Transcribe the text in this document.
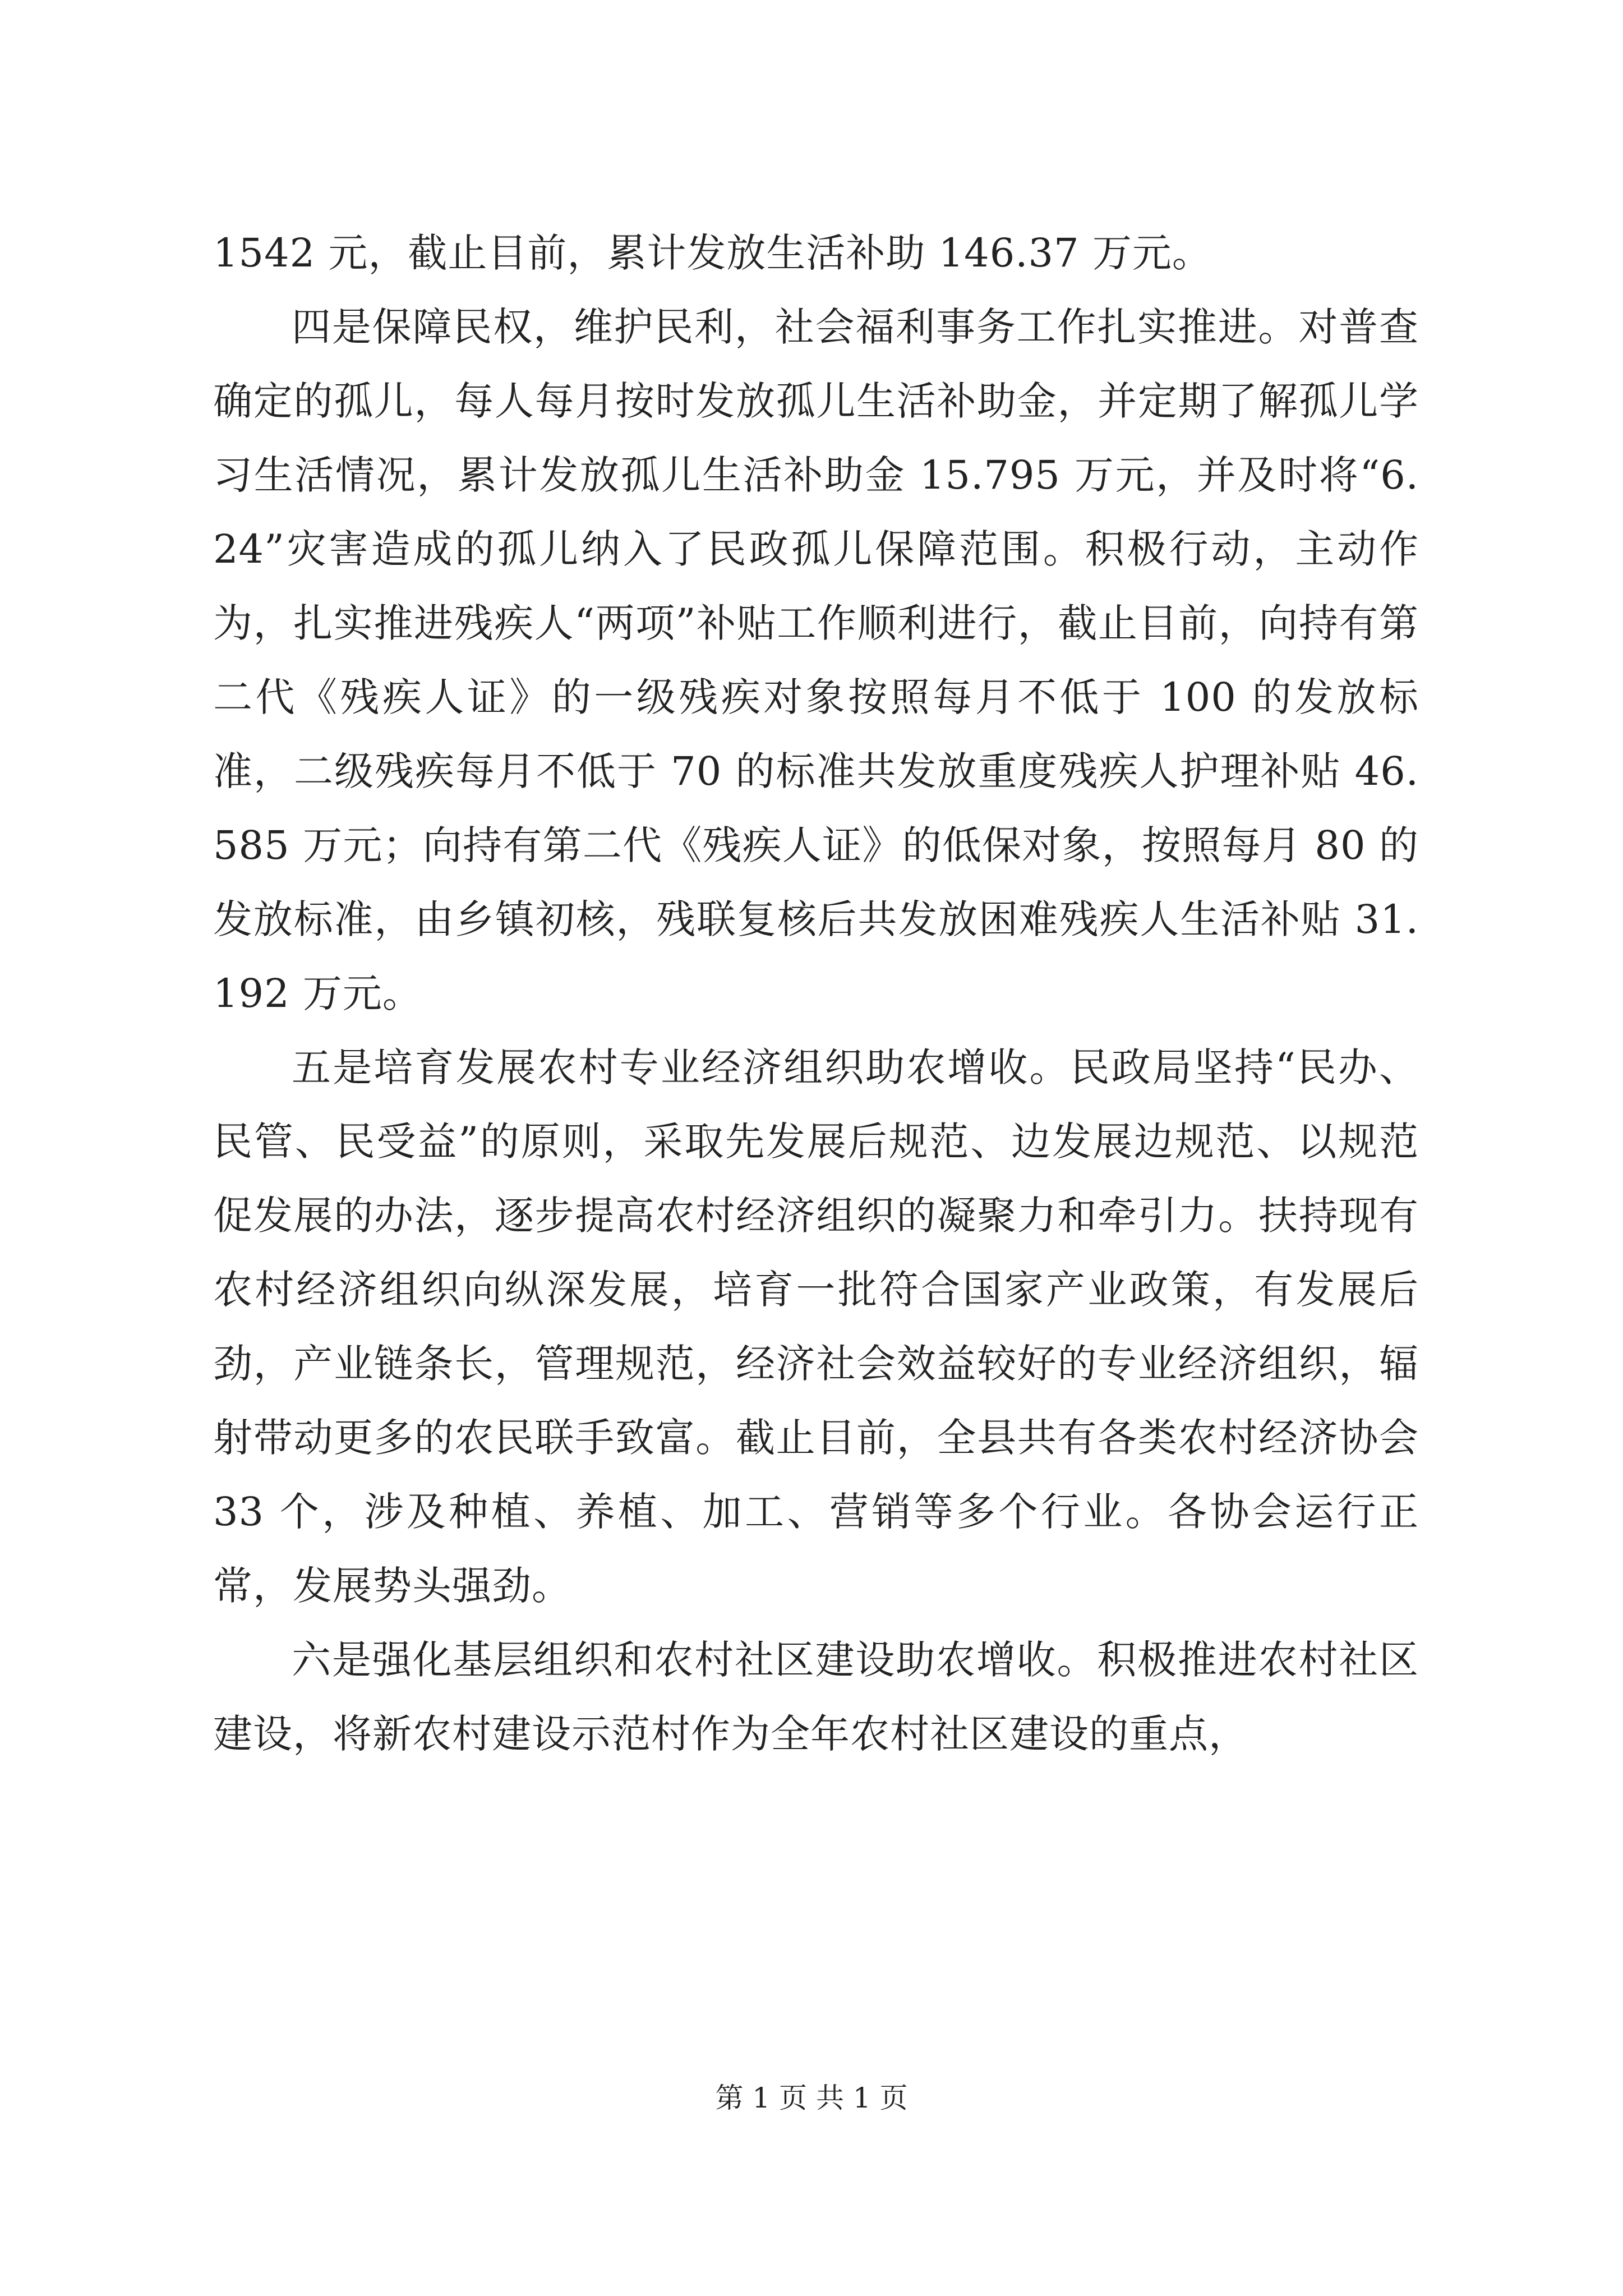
1542 元，截止目前，累计发放生活补助 146.37 万元。

四是保障民权，维护民利，社会福利事务工作扎实推进。对普查确定的孤儿，每人每月按时发放孤儿生活补助金，并定期了解孤儿学习生活情况，累计发放孤儿生活补助金 15.795 万元，并及时将“6.24”灾害造成的孤儿纳入了民政孤儿保障范围。积极行动，主动作为，扎实推进残疾人“两项”补贴工作顺利进行，截止目前，向持有第二代《残疾人证》的一级残疾对象按照每月不低于 100 的发放标准，二级残疾每月不低于 70 的标准共发放重度残疾人护理补贴 46.585 万元；向持有第二代《残疾人证》的低保对象，按照每月 80 的发放标准，由乡镇初核，残联复核后共发放困难残疾人生活补贴 31.192 万元。

五是培育发展农村专业经济组织助农增收。民政局坚持“民办、民管、民受益”的原则，采取先发展后规范、边发展边规范、以规范促发展的办法，逐步提高农村经济组织的凝聚力和牵引力。扶持现有农村经济组织向纵深发展，培育一批符合国家产业政策，有发展后劲，产业链条长，管理规范，经济社会效益较好的专业经济组织，辐射带动更多的农民联手致富。截止目前，全县共有各类农村经济协会 33 个，涉及种植、养植、加工、营销等多个行业。各协会运行正常，发展势头强劲。

六是强化基层组织和农村社区建设助农增收。积极推进农村社区建设，将新农村建设示范村作为全年农村社区建设的重点，

第 1 页 共 1 页
